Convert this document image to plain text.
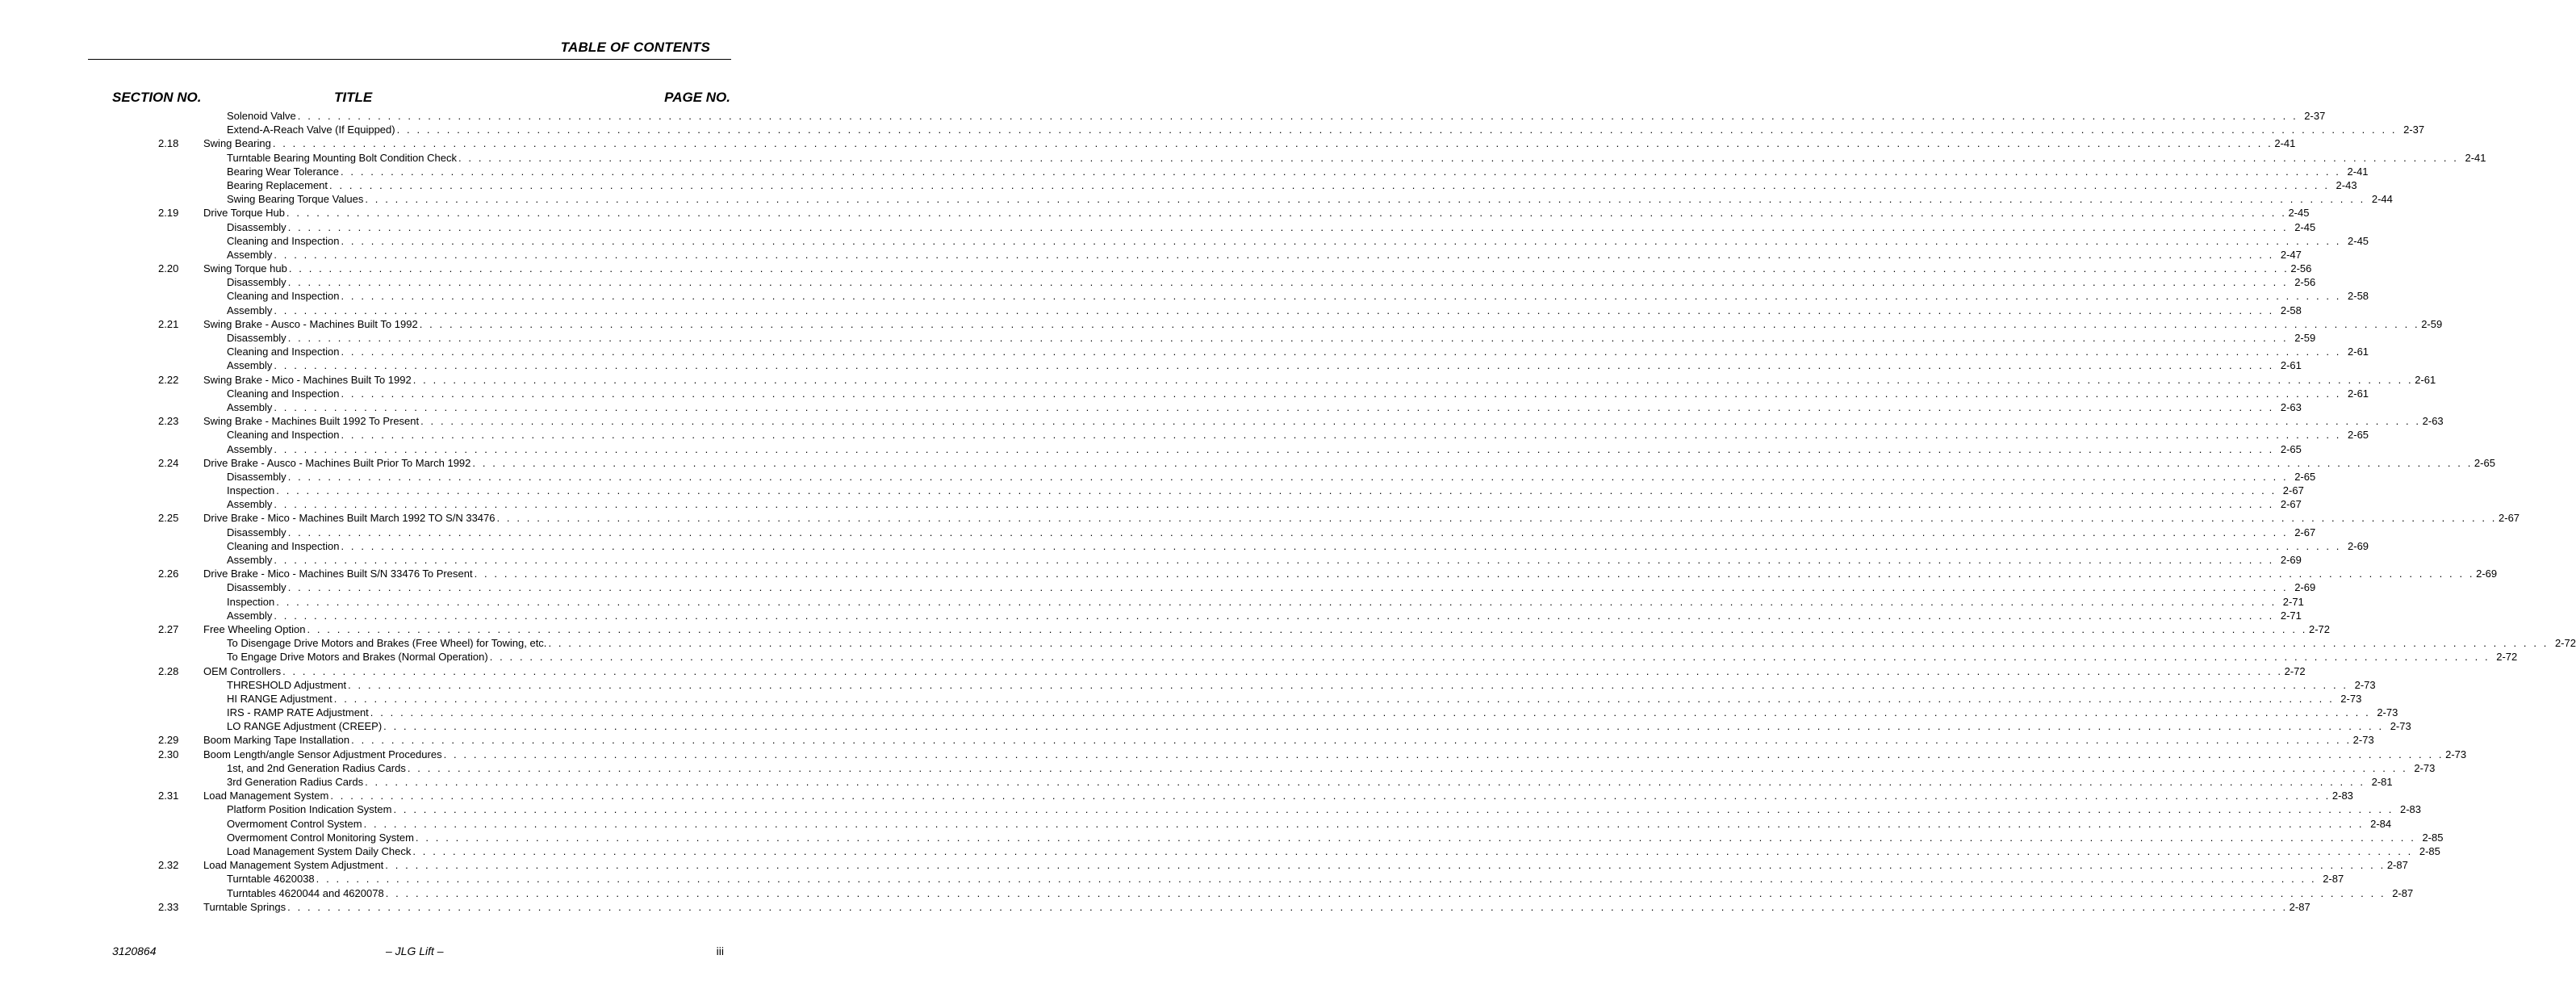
TABLE OF CONTENTS
SECTION NO.	TITLE	PAGE NO.
Solenoid Valve . . . . . . . . . . . . . . . . . . . . . . . . . . . . . . . . . . . . . . . . . . . . . . . . . . . . . . . . . . . . . . . . . . . . . . . . . . . . . . . . . . . . . . . . . . . . . . . . . . . . . . . . . . . . . . . . . . . . . . . . . . . . . . . . . . . . . . . . . . . . . . . . . . . . . . . . . . . . . . . . . . . . . . . . . . . . . . . . . . . . . . . . . . . . . . . . . . . . . . . . 2-37
Extend-A-Reach Valve (If Equipped) . . . . . . . . . . . . . . . . . . . . . . . . . . . . . . . . . . . . . . . . . . . . . . . . . . . . . . . . . . . . . . . . . . . . . . . . . . . . . . . . . . . . . . . . . . . . . . . . . . . . . . . . . . . . . . . . . . . . . . . . . . . . . . . . . . . . . . . . . . . . . . . . . . . . . . . . . . . . . . . . . . . . . . . . . . . . . . . . . . . . . . . . . . . . . . . . . . . . . . . . 2-37
2.18 Swing Bearing . . . . . . . . . . . . . . . . . . . . . . . . . . . . . . . . . . . . . . . . . . . . . . . . . . . . . . . . . . . . . . . . . . . . . . . . . . . . . . . . . . . . . . . . . . . . . . . . . . . . . . . . . . . . . . . . . . . . . . . . . . . . . . . . . . . . . . . . . . . . . . . . . . . . . . . . . . . . . . . . . . . . . . . . . . . . . . . . . . . . . . . . . . . . . . . . . . . . . . . . 2-41
Turntable Bearing Mounting Bolt Condition Check . . . . . . . . . . . . . . . . . . . . . . . . . . . . . . . . . . . . . . . . . . . . . . . . . . . . . . . . . . . . . . . . . . . . . . . . . . . . . . . . . . . . . . . . . . . . . . . . . . . . . . . . . . . . . . . . . . . . . . . . . . . . . . . . . . . . . . . . . . . . . . . . . . . . . . . . . . . . . . . . . . . . . . . . . . . . . . . . . . . . . . . . . . . . . . . . . . . . . . . . 2-41
Bearing Wear Tolerance . . . . . . . . . . . . . . . . . . . . . . . . . . . . . . . . . . . . . . . . . . . . . . . . . . . . . . . . . . . . . . . . . . . . . . . . . . . . . . . . . . . . . . . . . . . . . . . . . . . . . . . . . . . . . . . . . . . . . . . . . . . . . . . . . . . . . . . . . . . . . . . . . . . . . . . . . . . . . . . . . . . . . . . . . . . . . . . . . . . . . . . . . . . . . . . . . . . . . . . . 2-41
Bearing Replacement . . . . . . . . . . . . . . . . . . . . . . . . . . . . . . . . . . . . . . . . . . . . . . . . . . . . . . . . . . . . . . . . . . . . . . . . . . . . . . . . . . . . . . . . . . . . . . . . . . . . . . . . . . . . . . . . . . . . . . . . . . . . . . . . . . . . . . . . . . . . . . . . . . . . . . . . . . . . . . . . . . . . . . . . . . . . . . . . . . . . . . . . . . . . . . . . . . . . . . . . 2-43
Swing Bearing Torque Values . . . . . . . . . . . . . . . . . . . . . . . . . . . . . . . . . . . . . . . . . . . . . . . . . . . . . . . . . . . . . . . . . . . . . . . . . . . . . . . . . . . . . . . . . . . . . . . . . . . . . . . . . . . . . . . . . . . . . . . . . . . . . . . . . . . . . . . . . . . . . . . . . . . . . . . . . . . . . . . . . . . . . . . . . . . . . . . . . . . . . . . . . . . . . . . . . . . . . . . . 2-44
2.19 Drive Torque Hub . . . . . . . . . . . . . . . . . . . . . . . . . . . . . . . . . . . . . . . . . . . . . . . . . . . . . . . . . . . . . . . . . . . . . . . . . . . . . . . . . . . . . . . . . . . . . . . . . . . . . . . . . . . . . . . . . . . . . . . . . . . . . . . . . . . . . . . . . . . . . . . . . . . . . . . . . . . . . . . . . . . . . . . . . . . . . . . . . . . . . . . . . . . . . . . . . . . . . . . . 2-45
Disassembly . . . . . . . . . . . . . . . . . . . . . . . . . . . . . . . . . . . . . . . . . . . . . . . . . . . . . . . . . . . . . . . . . . . . . . . . . . . . . . . . . . . . . . . . . . . . . . . . . . . . . . . . . . . . . . . . . . . . . . . . . . . . . . . . . . . . . . . . . . . . . . . . . . . . . . . . . . . . . . . . . . . . . . . . . . . . . . . . . . . . . . . . . . . . . . . . . . . . . . . . 2-45
Cleaning and Inspection . . . . . . . . . . . . . . . . . . . . . . . . . . . . . . . . . . . . . . . . . . . . . . . . . . . . . . . . . . . . . . . . . . . . . . . . . . . . . . . . . . . . . . . . . . . . . . . . . . . . . . . . . . . . . . . . . . . . . . . . . . . . . . . . . . . . . . . . . . . . . . . . . . . . . . . . . . . . . . . . . . . . . . . . . . . . . . . . . . . . . . . . . . . . . . . . . . . . . . . . 2-45
Assembly . . . . . . . . . . . . . . . . . . . . . . . . . . . . . . . . . . . . . . . . . . . . . . . . . . . . . . . . . . . . . . . . . . . . . . . . . . . . . . . . . . . . . . . . . . . . . . . . . . . . . . . . . . . . . . . . . . . . . . . . . . . . . . . . . . . . . . . . . . . . . . . . . . . . . . . . . . . . . . . . . . . . . . . . . . . . . . . . . . . . . . . . . . . . . . . . . . . . . . . . 2-47
2.20 Swing Torque hub . . . . . . . . . . . . . . . . . . . . . . . . . . . . . . . . . . . . . . . . . . . . . . . . . . . . . . . . . . . . . . . . . . . . . . . . . . . . . . . . . . . . . . . . . . . . . . . . . . . . . . . . . . . . . . . . . . . . . . . . . . . . . . . . . . . . . . . . . . . . . . . . . . . . . . . . . . . . . . . . . . . . . . . . . . . . . . . . . . . . . . . . . . . . . . . . . . . . . . . . 2-56
Disassembly . . . . . . . . . . . . . . . . . . . . . . . . . . . . . . . . . . . . . . . . . . . . . . . . . . . . . . . . . . . . . . . . . . . . . . . . . . . . . . . . . . . . . . . . . . . . . . . . . . . . . . . . . . . . . . . . . . . . . . . . . . . . . . . . . . . . . . . . . . . . . . . . . . . . . . . . . . . . . . . . . . . . . . . . . . . . . . . . . . . . . . . . . . . . . . . . . . . . . . . . 2-56
Cleaning and Inspection . . . . . . . . . . . . . . . . . . . . . . . . . . . . . . . . . . . . . . . . . . . . . . . . . . . . . . . . . . . . . . . . . . . . . . . . . . . . . . . . . . . . . . . . . . . . . . . . . . . . . . . . . . . . . . . . . . . . . . . . . . . . . . . . . . . . . . . . . . . . . . . . . . . . . . . . . . . . . . . . . . . . . . . . . . . . . . . . . . . . . . . . . . . . . . . . . . . . . . . . 2-58
Assembly . . . . . . . . . . . . . . . . . . . . . . . . . . . . . . . . . . . . . . . . . . . . . . . . . . . . . . . . . . . . . . . . . . . . . . . . . . . . . . . . . . . . . . . . . . . . . . . . . . . . . . . . . . . . . . . . . . . . . . . . . . . . . . . . . . . . . . . . . . . . . . . . . . . . . . . . . . . . . . . . . . . . . . . . . . . . . . . . . . . . . . . . . . . . . . . . . . . . . . . . 2-58
2.21 Swing Brake - Ausco - Machines Built To 1992 . . . . . . . . . . . . . . . . . . . . . . . . . . . . . . . . . . . . . . . . . . . . . . . . . . . . . . . . . . . . . . . . . . . . . . . . . . . . . . . . . . . . . . . . . . . . . . . . . . . . . . . . . . . . . . . . . . . . . . . . . . . . . . . . . . . . . . . . . . . . . . . . . . . . . . . . . . . . . . . . . . . . . . . . . . . . . . . . . . . . . . . . . . . . . . . . . . . . . . . . 2-59
Disassembly . . . . . . . . . . . . . . . . . . . . . . . . . . . . . . . . . . . . . . . . . . . . . . . . . . . . . . . . . . . . . . . . . . . . . . . . . . . . . . . . . . . . . . . . . . . . . . . . . . . . . . . . . . . . . . . . . . . . . . . . . . . . . . . . . . . . . . . . . . . . . . . . . . . . . . . . . . . . . . . . . . . . . . . . . . . . . . . . . . . . . . . . . . . . . . . . . . . . . . . . 2-59
Cleaning and Inspection . . . . . . . . . . . . . . . . . . . . . . . . . . . . . . . . . . . . . . . . . . . . . . . . . . . . . . . . . . . . . . . . . . . . . . . . . . . . . . . . . . . . . . . . . . . . . . . . . . . . . . . . . . . . . . . . . . . . . . . . . . . . . . . . . . . . . . . . . . . . . . . . . . . . . . . . . . . . . . . . . . . . . . . . . . . . . . . . . . . . . . . . . . . . . . . . . . . . . . . . 2-61
Assembly . . . . . . . . . . . . . . . . . . . . . . . . . . . . . . . . . . . . . . . . . . . . . . . . . . . . . . . . . . . . . . . . . . . . . . . . . . . . . . . . . . . . . . . . . . . . . . . . . . . . . . . . . . . . . . . . . . . . . . . . . . . . . . . . . . . . . . . . . . . . . . . . . . . . . . . . . . . . . . . . . . . . . . . . . . . . . . . . . . . . . . . . . . . . . . . . . . . . . . . . 2-61
2.22 Swing Brake - Mico - Machines Built To 1992 . . . . . . . . . . . . . . . . . . . . . . . . . . . . . . . . . . . . . . . . . . . . . . . . . . . . . . . . . . . . . . . . . . . . . . . . . . . . . . . . . . . . . . . . . . . . . . . . . . . . . . . . . . . . . . . . . . . . . . . . . . . . . . . . . . . . . . . . . . . . . . . . . . . . . . . . . . . . . . . . . . . . . . . . . . . . . . . . . . . . . . . . . . . . . . . . . . . . . . . . 2-61
Cleaning and Inspection . . . . . . . . . . . . . . . . . . . . . . . . . . . . . . . . . . . . . . . . . . . . . . . . . . . . . . . . . . . . . . . . . . . . . . . . . . . . . . . . . . . . . . . . . . . . . . . . . . . . . . . . . . . . . . . . . . . . . . . . . . . . . . . . . . . . . . . . . . . . . . . . . . . . . . . . . . . . . . . . . . . . . . . . . . . . . . . . . . . . . . . . . . . . . . . . . . . . . . . . 2-61
Assembly . . . . . . . . . . . . . . . . . . . . . . . . . . . . . . . . . . . . . . . . . . . . . . . . . . . . . . . . . . . . . . . . . . . . . . . . . . . . . . . . . . . . . . . . . . . . . . . . . . . . . . . . . . . . . . . . . . . . . . . . . . . . . . . . . . . . . . . . . . . . . . . . . . . . . . . . . . . . . . . . . . . . . . . . . . . . . . . . . . . . . . . . . . . . . . . . . . . . . . . . 2-63
2.23 Swing Brake - Machines Built 1992 To Present . . . . . . . . . . . . . . . . . . . . . . . . . . . . . . . . . . . . . . . . . . . . . . . . . . . . . . . . . . . . . . . . . . . . . . . . . . . . . . . . . . . . . . . . . . . . . . . . . . . . . . . . . . . . . . . . . . . . . . . . . . . . . . . . . . . . . . . . . . . . . . . . . . . . . . . . . . . . . . . . . . . . . . . . . . . . . . . . . . . . . . . . . . . . . . . . . . . . . . . . 2-63
Cleaning and Inspection . . . . . . . . . . . . . . . . . . . . . . . . . . . . . . . . . . . . . . . . . . . . . . . . . . . . . . . . . . . . . . . . . . . . . . . . . . . . . . . . . . . . . . . . . . . . . . . . . . . . . . . . . . . . . . . . . . . . . . . . . . . . . . . . . . . . . . . . . . . . . . . . . . . . . . . . . . . . . . . . . . . . . . . . . . . . . . . . . . . . . . . . . . . . . . . . . . . . . . . . 2-65
Assembly . . . . . . . . . . . . . . . . . . . . . . . . . . . . . . . . . . . . . . . . . . . . . . . . . . . . . . . . . . . . . . . . . . . . . . . . . . . . . . . . . . . . . . . . . . . . . . . . . . . . . . . . . . . . . . . . . . . . . . . . . . . . . . . . . . . . . . . . . . . . . . . . . . . . . . . . . . . . . . . . . . . . . . . . . . . . . . . . . . . . . . . . . . . . . . . . . . . . . . . . 2-65
2.24 Drive Brake - Ausco - Machines Built Prior To March 1992 . . . . . . . . . . . . . . . . . . . . . . . . . . . . . . . . . . . . . . . . . . . . . . . . . . . . . . . . . . . . . . . . . . . . . . . . . . . . . . . . . . . . . . . . . . . . . . . . . . . . . . . . . . . . . . . . . . . . . . . . . . . . . . . . . . . . . . . . . . . . . . . . . . . . . . . . . . . . . . . . . . . . . . . . . . . . . . . . . . . . . . . . . . . . . . . . . . . . . . . . 2-65
Disassembly . . . . . . . . . . . . . . . . . . . . . . . . . . . . . . . . . . . . . . . . . . . . . . . . . . . . . . . . . . . . . . . . . . . . . . . . . . . . . . . . . . . . . . . . . . . . . . . . . . . . . . . . . . . . . . . . . . . . . . . . . . . . . . . . . . . . . . . . . . . . . . . . . . . . . . . . . . . . . . . . . . . . . . . . . . . . . . . . . . . . . . . . . . . . . . . . . . . . . . . . 2-65
Inspection . . . . . . . . . . . . . . . . . . . . . . . . . . . . . . . . . . . . . . . . . . . . . . . . . . . . . . . . . . . . . . . . . . . . . . . . . . . . . . . . . . . . . . . . . . . . . . . . . . . . . . . . . . . . . . . . . . . . . . . . . . . . . . . . . . . . . . . . . . . . . . . . . . . . . . . . . . . . . . . . . . . . . . . . . . . . . . . . . . . . . . . . . . . . . . . . . . . . . . . . 2-67
Assembly . . . . . . . . . . . . . . . . . . . . . . . . . . . . . . . . . . . . . . . . . . . . . . . . . . . . . . . . . . . . . . . . . . . . . . . . . . . . . . . . . . . . . . . . . . . . . . . . . . . . . . . . . . . . . . . . . . . . . . . . . . . . . . . . . . . . . . . . . . . . . . . . . . . . . . . . . . . . . . . . . . . . . . . . . . . . . . . . . . . . . . . . . . . . . . . . . . . . . . . . 2-67
2.25 Drive Brake - Mico - Machines Built March 1992 TO S/N 33476 . . . . . . . . . . . . . . . . . . . . . . . . . . . . . . . . . . . . . . . . . . . . . . . . . . . . . . . . . . . . . . . . . . . . . . . . . . . . . . . . . . . . . . . . . . . . . . . . . . . . . . . . . . . . . . . . . . . . . . . . . . . . . . . . . . . . . . . . . . . . . . . . . . . . . . . . . . . . . . . . . . . . . . . . . . . . . . . . . . . . . . . . . . . . . . . . . . . . . . . . 2-67
Disassembly . . . . . . . . . . . . . . . . . . . . . . . . . . . . . . . . . . . . . . . . . . . . . . . . . . . . . . . . . . . . . . . . . . . . . . . . . . . . . . . . . . . . . . . . . . . . . . . . . . . . . . . . . . . . . . . . . . . . . . . . . . . . . . . . . . . . . . . . . . . . . . . . . . . . . . . . . . . . . . . . . . . . . . . . . . . . . . . . . . . . . . . . . . . . . . . . . . . . . . . . 2-67
Cleaning and Inspection . . . . . . . . . . . . . . . . . . . . . . . . . . . . . . . . . . . . . . . . . . . . . . . . . . . . . . . . . . . . . . . . . . . . . . . . . . . . . . . . . . . . . . . . . . . . . . . . . . . . . . . . . . . . . . . . . . . . . . . . . . . . . . . . . . . . . . . . . . . . . . . . . . . . . . . . . . . . . . . . . . . . . . . . . . . . . . . . . . . . . . . . . . . . . . . . . . . . . . . . 2-69
Assembly . . . . . . . . . . . . . . . . . . . . . . . . . . . . . . . . . . . . . . . . . . . . . . . . . . . . . . . . . . . . . . . . . . . . . . . . . . . . . . . . . . . . . . . . . . . . . . . . . . . . . . . . . . . . . . . . . . . . . . . . . . . . . . . . . . . . . . . . . . . . . . . . . . . . . . . . . . . . . . . . . . . . . . . . . . . . . . . . . . . . . . . . . . . . . . . . . . . . . . . . 2-69
2.26 Drive Brake - Mico - Machines Built S/N 33476 To Present . . . . . . . . . . . . . . . . . . . . . . . . . . . . . . . . . . . . . . . . . . . . . . . . . . . . . . . . . . . . . . . . . . . . . . . . . . . . . . . . . . . . . . . . . . . . . . . . . . . . . . . . . . . . . . . . . . . . . . . . . . . . . . . . . . . . . . . . . . . . . . . . . . . . . . . . . . . . . . . . . . . . . . . . . . . . . . . . . . . . . . . . . . . . . . . . . . . . . . . . 2-69
Disassembly . . . . . . . . . . . . . . . . . . . . . . . . . . . . . . . . . . . . . . . . . . . . . . . . . . . . . . . . . . . . . . . . . . . . . . . . . . . . . . . . . . . . . . . . . . . . . . . . . . . . . . . . . . . . . . . . . . . . . . . . . . . . . . . . . . . . . . . . . . . . . . . . . . . . . . . . . . . . . . . . . . . . . . . . . . . . . . . . . . . . . . . . . . . . . . . . . . . . . . . . 2-69
Inspection . . . . . . . . . . . . . . . . . . . . . . . . . . . . . . . . . . . . . . . . . . . . . . . . . . . . . . . . . . . . . . . . . . . . . . . . . . . . . . . . . . . . . . . . . . . . . . . . . . . . . . . . . . . . . . . . . . . . . . . . . . . . . . . . . . . . . . . . . . . . . . . . . . . . . . . . . . . . . . . . . . . . . . . . . . . . . . . . . . . . . . . . . . . . . . . . . . . . . . . . 2-71
Assembly . . . . . . . . . . . . . . . . . . . . . . . . . . . . . . . . . . . . . . . . . . . . . . . . . . . . . . . . . . . . . . . . . . . . . . . . . . . . . . . . . . . . . . . . . . . . . . . . . . . . . . . . . . . . . . . . . . . . . . . . . . . . . . . . . . . . . . . . . . . . . . . . . . . . . . . . . . . . . . . . . . . . . . . . . . . . . . . . . . . . . . . . . . . . . . . . . . . . . . . . 2-71
2.27 Free Wheeling Option . . . . . . . . . . . . . . . . . . . . . . . . . . . . . . . . . . . . . . . . . . . . . . . . . . . . . . . . . . . . . . . . . . . . . . . . . . . . . . . . . . . . . . . . . . . . . . . . . . . . . . . . . . . . . . . . . . . . . . . . . . . . . . . . . . . . . . . . . . . . . . . . . . . . . . . . . . . . . . . . . . . . . . . . . . . . . . . . . . . . . . . . . . . . . . . . . . . . . . . . 2-72
To Disengage Drive Motors and Brakes (Free Wheel) for Towing, etc. . . . . . . . . . . . . . . . . . . . . . . . . . . . . . . . . . . . . . . . . . . . . . . . . . . . . . . . . . . . . . . . . . . . . . . . . . . . . . . . . . . . . . . . . . . . . . . . . . . . . . . . . . . . . . . . . . . . . . . . . . . . . . . . . . . . . . . . . . . . . . . . . . . . . . . . . . . . . . . . . . . . . . . . . . . . . . . . . . . . . . . . . . . . . . . . . . . . . . . . . 2-72
To Engage Drive Motors and Brakes (Normal Operation) . . . . . . . . . . . . . . . . . . . . . . . . . . . . . . . . . . . . . . . . . . . . . . . . . . . . . . . . . . . . . . . . . . . . . . . . . . . . . . . . . . . . . . . . . . . . . . . . . . . . . . . . . . . . . . . . . . . . . . . . . . . . . . . . . . . . . . . . . . . . . . . . . . . . . . . . . . . . . . . . . . . . . . . . . . . . . . . . . . . . . . . . . . . . . . . . . . . . . . . . 2-72
2.28 OEM Controllers . . . . . . . . . . . . . . . . . . . . . . . . . . . . . . . . . . . . . . . . . . . . . . . . . . . . . . . . . . . . . . . . . . . . . . . . . . . . . . . . . . . . . . . . . . . . . . . . . . . . . . . . . . . . . . . . . . . . . . . . . . . . . . . . . . . . . . . . . . . . . . . . . . . . . . . . . . . . . . . . . . . . . . . . . . . . . . . . . . . . . . . . . . . . . . . . . . . . . . . . 2-72
THRESHOLD Adjustment . . . . . . . . . . . . . . . . . . . . . . . . . . . . . . . . . . . . . . . . . . . . . . . . . . . . . . . . . . . . . . . . . . . . . . . . . . . . . . . . . . . . . . . . . . . . . . . . . . . . . . . . . . . . . . . . . . . . . . . . . . . . . . . . . . . . . . . . . . . . . . . . . . . . . . . . . . . . . . . . . . . . . . . . . . . . . . . . . . . . . . . . . . . . . . . . . . . . . . . . 2-73
HI RANGE Adjustment . . . . . . . . . . . . . . . . . . . . . . . . . . . . . . . . . . . . . . . . . . . . . . . . . . . . . . . . . . . . . . . . . . . . . . . . . . . . . . . . . . . . . . . . . . . . . . . . . . . . . . . . . . . . . . . . . . . . . . . . . . . . . . . . . . . . . . . . . . . . . . . . . . . . . . . . . . . . . . . . . . . . . . . . . . . . . . . . . . . . . . . . . . . . . . . . . . . . . . . . 2-73
IRS - RAMP RATE Adjustment . . . . . . . . . . . . . . . . . . . . . . . . . . . . . . . . . . . . . . . . . . . . . . . . . . . . . . . . . . . . . . . . . . . . . . . . . . . . . . . . . . . . . . . . . . . . . . . . . . . . . . . . . . . . . . . . . . . . . . . . . . . . . . . . . . . . . . . . . . . . . . . . . . . . . . . . . . . . . . . . . . . . . . . . . . . . . . . . . . . . . . . . . . . . . . . . . . . . . . . . 2-73
LO RANGE Adjustment (CREEP) . . . . . . . . . . . . . . . . . . . . . . . . . . . . . . . . . . . . . . . . . . . . . . . . . . . . . . . . . . . . . . . . . . . . . . . . . . . . . . . . . . . . . . . . . . . . . . . . . . . . . . . . . . . . . . . . . . . . . . . . . . . . . . . . . . . . . . . . . . . . . . . . . . . . . . . . . . . . . . . . . . . . . . . . . . . . . . . . . . . . . . . . . . . . . . . . . . . . . . . . 2-73
2.29 Boom Marking Tape Installation . . . . . . . . . . . . . . . . . . . . . . . . . . . . . . . . . . . . . . . . . . . . . . . . . . . . . . . . . . . . . . . . . . . . . . . . . . . . . . . . . . . . . . . . . . . . . . . . . . . . . . . . . . . . . . . . . . . . . . . . . . . . . . . . . . . . . . . . . . . . . . . . . . . . . . . . . . . . . . . . . . . . . . . . . . . . . . . . . . . . . . . . . . . . . . . . . . . . . . . . 2-73
2.30 Boom Length/angle Sensor Adjustment Procedures . . . . . . . . . . . . . . . . . . . . . . . . . . . . . . . . . . . . . . . . . . . . . . . . . . . . . . . . . . . . . . . . . . . . . . . . . . . . . . . . . . . . . . . . . . . . . . . . . . . . . . . . . . . . . . . . . . . . . . . . . . . . . . . . . . . . . . . . . . . . . . . . . . . . . . . . . . . . . . . . . . . . . . . . . . . . . . . . . . . . . . . . . . . . . . . . . . . . . . . . 2-73
1st, and 2nd Generation Radius Cards . . . . . . . . . . . . . . . . . . . . . . . . . . . . . . . . . . . . . . . . . . . . . . . . . . . . . . . . . . . . . . . . . . . . . . . . . . . . . . . . . . . . . . . . . . . . . . . . . . . . . . . . . . . . . . . . . . . . . . . . . . . . . . . . . . . . . . . . . . . . . . . . . . . . . . . . . . . . . . . . . . . . . . . . . . . . . . . . . . . . . . . . . . . . . . . . . . . . . . . . 2-73
3rd Generation Radius Cards . . . . . . . . . . . . . . . . . . . . . . . . . . . . . . . . . . . . . . . . . . . . . . . . . . . . . . . . . . . . . . . . . . . . . . . . . . . . . . . . . . . . . . . . . . . . . . . . . . . . . . . . . . . . . . . . . . . . . . . . . . . . . . . . . . . . . . . . . . . . . . . . . . . . . . . . . . . . . . . . . . . . . . . . . . . . . . . . . . . . . . . . . . . . . . . . . . . . . . . . 2-81
2.31 Load Management System . . . . . . . . . . . . . . . . . . . . . . . . . . . . . . . . . . . . . . . . . . . . . . . . . . . . . . . . . . . . . . . . . . . . . . . . . . . . . . . . . . . . . . . . . . . . . . . . . . . . . . . . . . . . . . . . . . . . . . . . . . . . . . . . . . . . . . . . . . . . . . . . . . . . . . . . . . . . . . . . . . . . . . . . . . . . . . . . . . . . . . . . . . . . . . . . . . . . . . . . 2-83
Platform Position Indication System . . . . . . . . . . . . . . . . . . . . . . . . . . . . . . . . . . . . . . . . . . . . . . . . . . . . . . . . . . . . . . . . . . . . . . . . . . . . . . . . . . . . . . . . . . . . . . . . . . . . . . . . . . . . . . . . . . . . . . . . . . . . . . . . . . . . . . . . . . . . . . . . . . . . . . . . . . . . . . . . . . . . . . . . . . . . . . . . . . . . . . . . . . . . . . . . . . . . . . . . 2-83
Overmoment Control System . . . . . . . . . . . . . . . . . . . . . . . . . . . . . . . . . . . . . . . . . . . . . . . . . . . . . . . . . . . . . . . . . . . . . . . . . . . . . . . . . . . . . . . . . . . . . . . . . . . . . . . . . . . . . . . . . . . . . . . . . . . . . . . . . . . . . . . . . . . . . . . . . . . . . . . . . . . . . . . . . . . . . . . . . . . . . . . . . . . . . . . . . . . . . . . . . . . . . . . . 2-84
Overmoment Control Monitoring System . . . . . . . . . . . . . . . . . . . . . . . . . . . . . . . . . . . . . . . . . . . . . . . . . . . . . . . . . . . . . . . . . . . . . . . . . . . . . . . . . . . . . . . . . . . . . . . . . . . . . . . . . . . . . . . . . . . . . . . . . . . . . . . . . . . . . . . . . . . . . . . . . . . . . . . . . . . . . . . . . . . . . . . . . . . . . . . . . . . . . . . . . . . . . . . . . . . . . . . . 2-85
Load Management System Daily Check . . . . . . . . . . . . . . . . . . . . . . . . . . . . . . . . . . . . . . . . . . . . . . . . . . . . . . . . . . . . . . . . . . . . . . . . . . . . . . . . . . . . . . . . . . . . . . . . . . . . . . . . . . . . . . . . . . . . . . . . . . . . . . . . . . . . . . . . . . . . . . . . . . . . . . . . . . . . . . . . . . . . . . . . . . . . . . . . . . . . . . . . . . . . . . . . . . . . . . . . 2-85
2.32 Load Management System Adjustment . . . . . . . . . . . . . . . . . . . . . . . . . . . . . . . . . . . . . . . . . . . . . . . . . . . . . . . . . . . . . . . . . . . . . . . . . . . . . . . . . . . . . . . . . . . . . . . . . . . . . . . . . . . . . . . . . . . . . . . . . . . . . . . . . . . . . . . . . . . . . . . . . . . . . . . . . . . . . . . . . . . . . . . . . . . . . . . . . . . . . . . . . . . . . . . . . . . . . . . . 2-87
Turntable 4620038 . . . . . . . . . . . . . . . . . . . . . . . . . . . . . . . . . . . . . . . . . . . . . . . . . . . . . . . . . . . . . . . . . . . . . . . . . . . . . . . . . . . . . . . . . . . . . . . . . . . . . . . . . . . . . . . . . . . . . . . . . . . . . . . . . . . . . . . . . . . . . . . . . . . . . . . . . . . . . . . . . . . . . . . . . . . . . . . . . . . . . . . . . . . . . . . . . . . . . . . . 2-87
Turntables 4620044 and 4620078 . . . . . . . . . . . . . . . . . . . . . . . . . . . . . . . . . . . . . . . . . . . . . . . . . . . . . . . . . . . . . . . . . . . . . . . . . . . . . . . . . . . . . . . . . . . . . . . . . . . . . . . . . . . . . . . . . . . . . . . . . . . . . . . . . . . . . . . . . . . . . . . . . . . . . . . . . . . . . . . . . . . . . . . . . . . . . . . . . . . . . . . . . . . . . . . . . . . . . . . . 2-87
2.33 Turntable Springs . . . . . . . . . . . . . . . . . . . . . . . . . . . . . . . . . . . . . . . . . . . . . . . . . . . . . . . . . . . . . . . . . . . . . . . . . . . . . . . . . . . . . . . . . . . . . . . . . . . . . . . . . . . . . . . . . . . . . . . . . . . . . . . . . . . . . . . . . . . . . . . . . . . . . . . . . . . . . . . . . . . . . . . . . . . . . . . . . . . . . . . . . . . . . . . . . . . . . . . . 2-87
3120864	– JLG Lift –	iii
